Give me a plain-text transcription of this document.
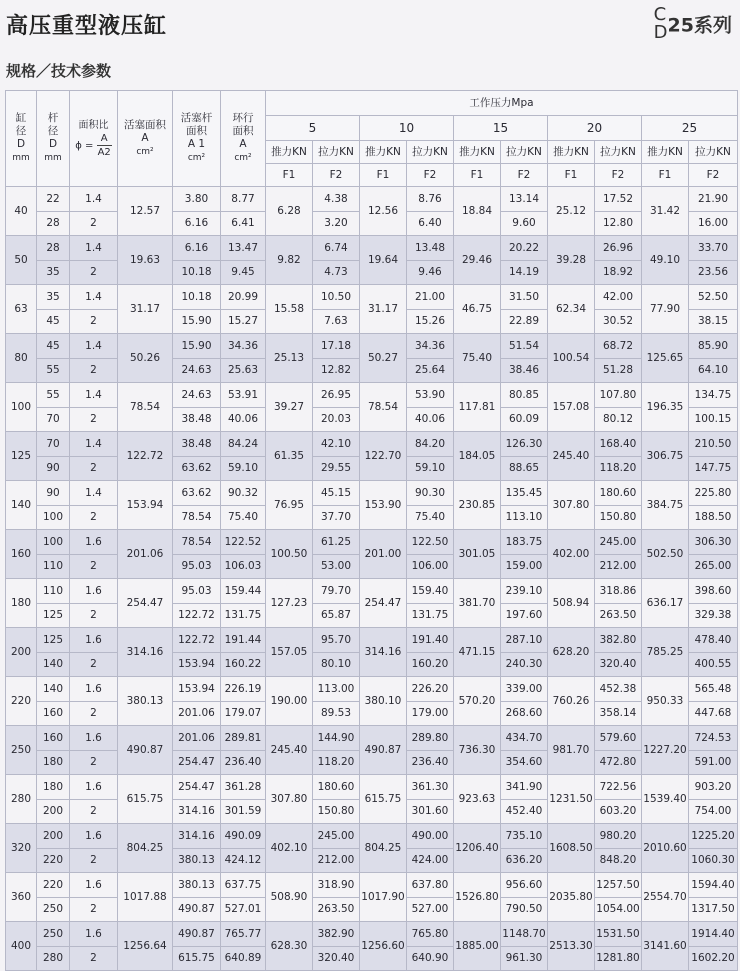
高压重型液压缸	C
D25系列
规格／技术参数
缸
径
D
mm	杆
径
D
mm	面积比
$\phi = \frac{A}{A2}$	活塞面积
A
cm²	活塞杆
面积
A 1
cm²	环行
面积
A
cm²	工作压力Mpa									
						5		10		15		20		25	
						推力KN	拉力KN	推力KN	拉力KN	推力KN	拉力KN	推力KN	拉力KN	推力KN	拉力KN
						F1	F2	F1	F2	F1	F2	F1	F2	F1	F2
40	22	1.4	12.57	3.80	8.77	6.28	4.38	12.56	8.76	18.84	13.14	25.12	17.52	31.42	21.90
	28	2		6.16	6.41		3.20		6.40		9.60		12.80		16.00
50	28	1.4	19.63	6.16	13.47	9.82	6.74	19.64	13.48	29.46	20.22	39.28	26.96	49.10	33.70
	35	2		10.18	9.45		4.73		9.46		14.19		18.92		23.56
63	35	1.4	31.17	10.18	20.99	15.58	10.50	31.17	21.00	46.75	31.50	62.34	42.00	77.90	52.50
	45	2		15.90	15.27		7.63		15.26		22.89		30.52		38.15
80	45	1.4	50.26	15.90	34.36	25.13	17.18	50.27	34.36	75.40	51.54	100.54	68.72	125.65	85.90
	55	2		24.63	25.63		12.82		25.64		38.46		51.28		64.10
100	55	1.4	78.54	24.63	53.91	39.27	26.95	78.54	53.90	117.81	80.85	157.08	107.80	196.35	134.75
	70	2		38.48	40.06		20.03		40.06		60.09		80.12		100.15
125	70	1.4	122.72	38.48	84.24	61.35	42.10	122.70	84.20	184.05	126.30	245.40	168.40	306.75	210.50
	90	2		63.62	59.10		29.55		59.10		88.65		118.20		147.75
140	90	1.4	153.94	63.62	90.32	76.95	45.15	153.90	90.30	230.85	135.45	307.80	180.60	384.75	225.80
	100	2		78.54	75.40		37.70		75.40		113.10		150.80		188.50
160	100	1.6	201.06	78.54	122.52	100.50	61.25	201.00	122.50	301.05	183.75	402.00	245.00	502.50	306.30
	110	2		95.03	106.03		53.00		106.00		159.00		212.00		265.00
180	110	1.6	254.47	95.03	159.44	127.23	79.70	254.47	159.40	381.70	239.10	508.94	318.86	636.17	398.60
	125	2		122.72	131.75		65.87		131.75		197.60		263.50		329.38
200	125	1.6	314.16	122.72	191.44	157.05	95.70	314.16	191.40	471.15	287.10	628.20	382.80	785.25	478.40
	140	2		153.94	160.22		80.10		160.20		240.30		320.40		400.55
220	140	1.6	380.13	153.94	226.19	190.00	113.00	380.10	226.20	570.20	339.00	760.26	452.38	950.33	565.48
	160	2		201.06	179.07		89.53		179.00		268.60		358.14		447.68
250	160	1.6	490.87	201.06	289.81	245.40	144.90	490.87	289.80	736.30	434.70	981.70	579.60	1227.20	724.53
	180	2		254.47	236.40		118.20		236.40		354.60		472.80		591.00
280	180	1.6	615.75	254.47	361.28	307.80	180.60	615.75	361.30	923.63	341.90	1231.50	722.56	1539.40	903.20
	200	2		314.16	301.59		150.80		301.60		452.40		603.20		754.00
320	200	1.6	804.25	314.16	490.09	402.10	245.00	804.25	490.00	1206.40	735.10	1608.50	980.20	2010.60	1225.20
	220	2		380.13	424.12		212.00		424.00		636.20		848.20		1060.30
360	220	1.6	1017.88	380.13	637.75	508.90	318.90	1017.90	637.80	1526.80	956.60	2035.80	1257.50	2554.70	1594.40
	250	2		490.87	527.01		263.50		527.00		790.50		1054.00		1317.50
400	250	1.6	1256.64	490.87	765.77	628.30	382.90	1256.60	765.80	1885.00	1148.70	2513.30	1531.50	3141.60	1914.40
	280	2		615.75	640.89		320.40		640.90		961.30		1281.80		1602.20
